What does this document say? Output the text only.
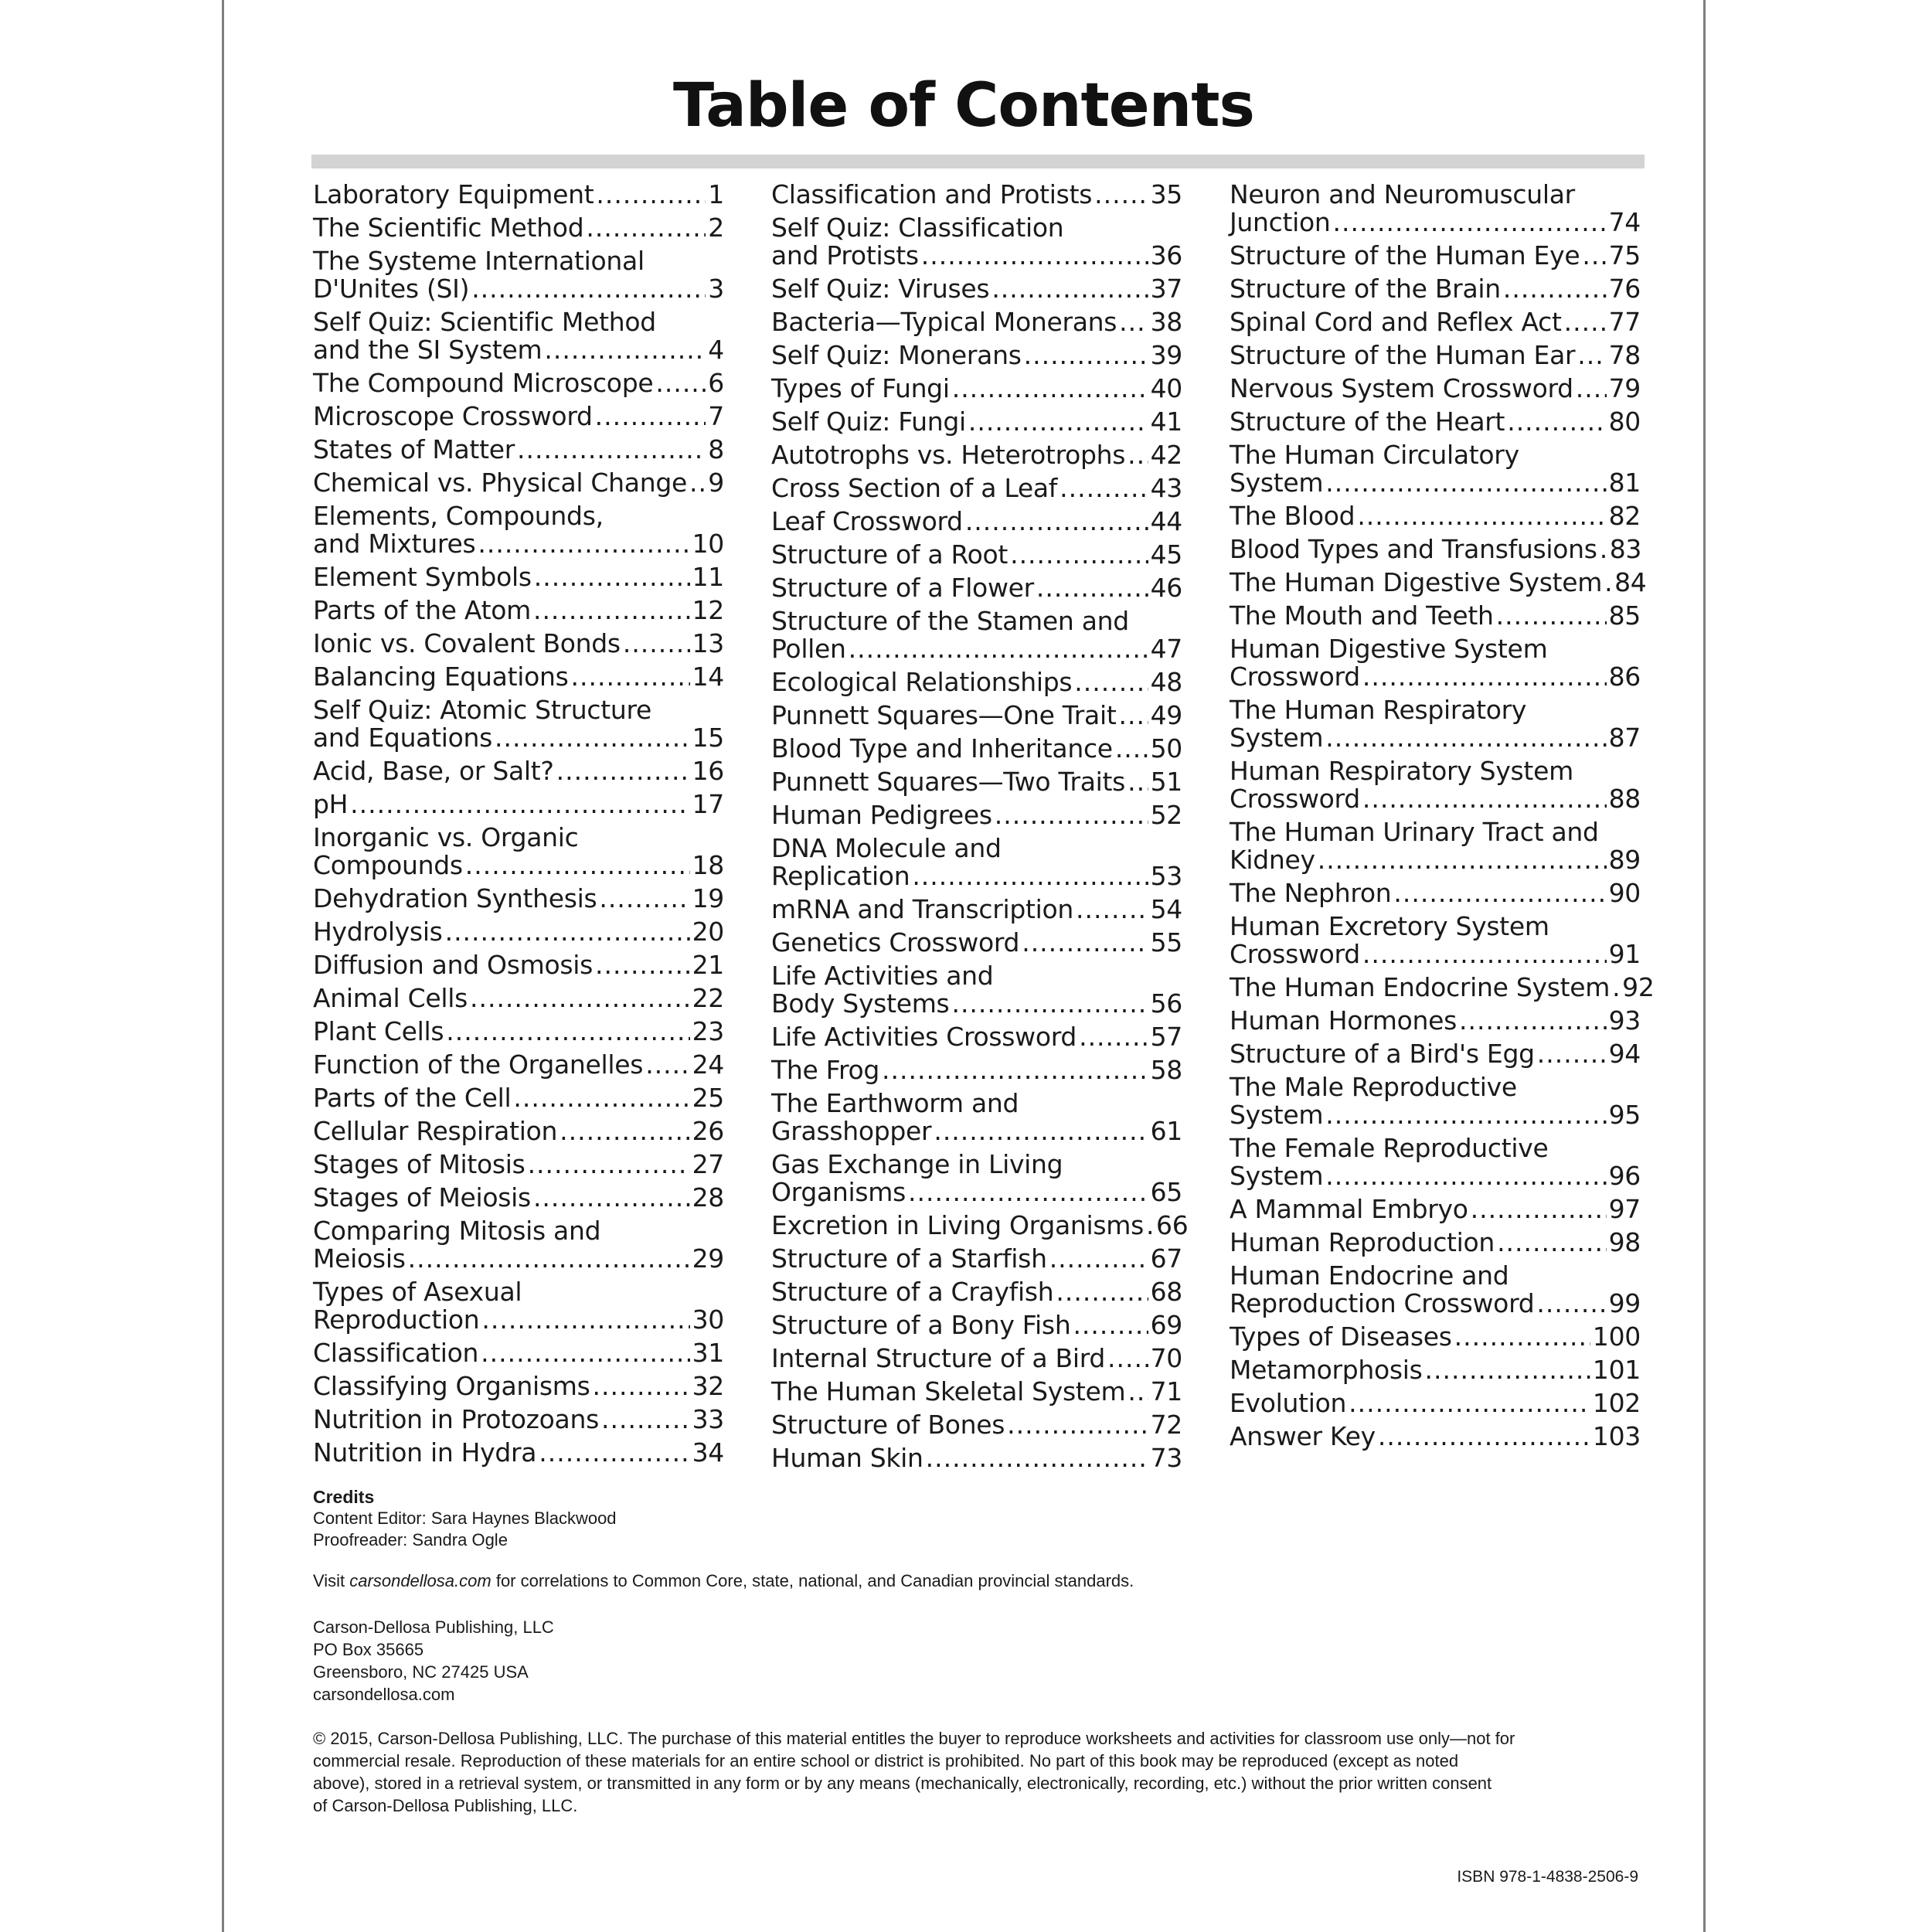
Table of Contents
Laboratory Equipment .....	1
The Scientific Method .....	2
The Systeme International
D'Unites (SI) .....	3
Self Quiz: Scientific Method
and the SI System .....	4
The Compound Microscope ..... 6
Microscope Crossword .....	7
States of Matter .....	8
Chemical vs. Physical Change ..... 9
Elements, Compounds,
and Mixtures .....	10
Element Symbols .....	11
Parts of the Atom .....	12
Ionic vs. Covalent Bonds .....	13
Balancing Equations .....	14
Self Quiz: Atomic Structure
and Equations .....	15
Acid, Base, or Salt? .....	16
pH .....	17
Inorganic vs. Organic
Compounds .....	18
Dehydration Synthesis .....	19
Hydrolysis .....	20
Diffusion and Osmosis .....	21
Animal Cells .....	22
Plant Cells .....	23
Function of the Organelles ..... 24
Parts of the Cell .....	25
Cellular Respiration .....	26
Stages of Mitosis .....	27
Stages of Meiosis .....	28
Comparing Mitosis and
Meiosis .....	29
Types of Asexual
Reproduction .....	30
Classification .....	31
Classifying Organisms .....	32
Nutrition in Protozoans .....	33
Nutrition in Hydra .....	34
Classification and Protists ..... 35
Self Quiz: Classification
and Protists .....	36
Self Quiz: Viruses .....	37
Bacteria—Typical Monerans ..... 38
Self Quiz: Monerans .....	39
Types of Fungi .....	40
Self Quiz: Fungi .....	41
Autotrophs vs. Heterotrophs ..... 42
Cross Section of a Leaf .....	43
Leaf Crossword .....	44
Structure of a Root .....	45
Structure of a Flower .....	46
Structure of the Stamen and
Pollen .....	47
Ecological Relationships .....	48
Punnett Squares—One Trait ..... 49
Blood Type and Inheritance ..... 50
Punnett Squares—Two Traits ..... 51
Human Pedigrees .....	52
DNA Molecule and
Replication .....	53
mRNA and Transcription .....	54
Genetics Crossword .....	55
Life Activities and
Body Systems .....	56
Life Activities Crossword .....	57
The Frog .....	58
The Earthworm and
Grasshopper .....	61
Gas Exchange in Living
Organisms .....	65
Excretion in Living Organisms ..... 66
Structure of a Starfish .....	67
Structure of a Crayfish .....	68
Structure of a Bony Fish .....	69
Internal Structure of a Bird ..... 70
The Human Skeletal System ..... 71
Structure of Bones .....	72
Human Skin .....	73
Neuron and Neuromuscular
Junction .....	74
Structure of the Human Eye ..... 75
Structure of the Brain .....	76
Spinal Cord and Reflex Act ..... 77
Structure of the Human Ear ..... 78
Nervous System Crossword ..... 79
Structure of the Heart .....	80
The Human Circulatory
System .....	81
The Blood .....	82
Blood Types and Transfusions ..... 83
The Human Digestive System ..... 84
The Mouth and Teeth .....	85
Human Digestive System
Crossword .....	86
The Human Respiratory
System .....	87
Human Respiratory System
Crossword .....	88
The Human Urinary Tract and
Kidney .....	89
The Nephron .....	90
Human Excretory System
Crossword .....	91
The Human Endocrine System ..... 92
Human Hormones .....	93
Structure of a Bird's Egg .....	94
The Male Reproductive
System .....	95
The Female Reproductive
System .....	96
A Mammal Embryo .....	97
Human Reproduction .....	98
Human Endocrine and
Reproduction Crossword .....	99
Types of Diseases .....	100
Metamorphosis .....	101
Evolution .....	102
Answer Key .....	103
Credits
Content Editor: Sara Haynes Blackwood
Proofreader: Sandra Ogle
Visit carsondellosa.com for correlations to Common Core, state, national, and Canadian provincial standards.
Carson-Dellosa Publishing, LLC
PO Box 35665
Greensboro, NC 27425 USA
carsondellosa.com
© 2015, Carson-Dellosa Publishing, LLC. The purchase of this material entitles the buyer to reproduce worksheets and activities for classroom use only—not for
commercial resale. Reproduction of these materials for an entire school or district is prohibited. No part of this book may be reproduced (except as noted
above), stored in a retrieval system, or transmitted in any form or by any means (mechanically, electronically, recording, etc.) without the prior written consent
of Carson-Dellosa Publishing, LLC.
ISBN 978-1-4838-2506-9
